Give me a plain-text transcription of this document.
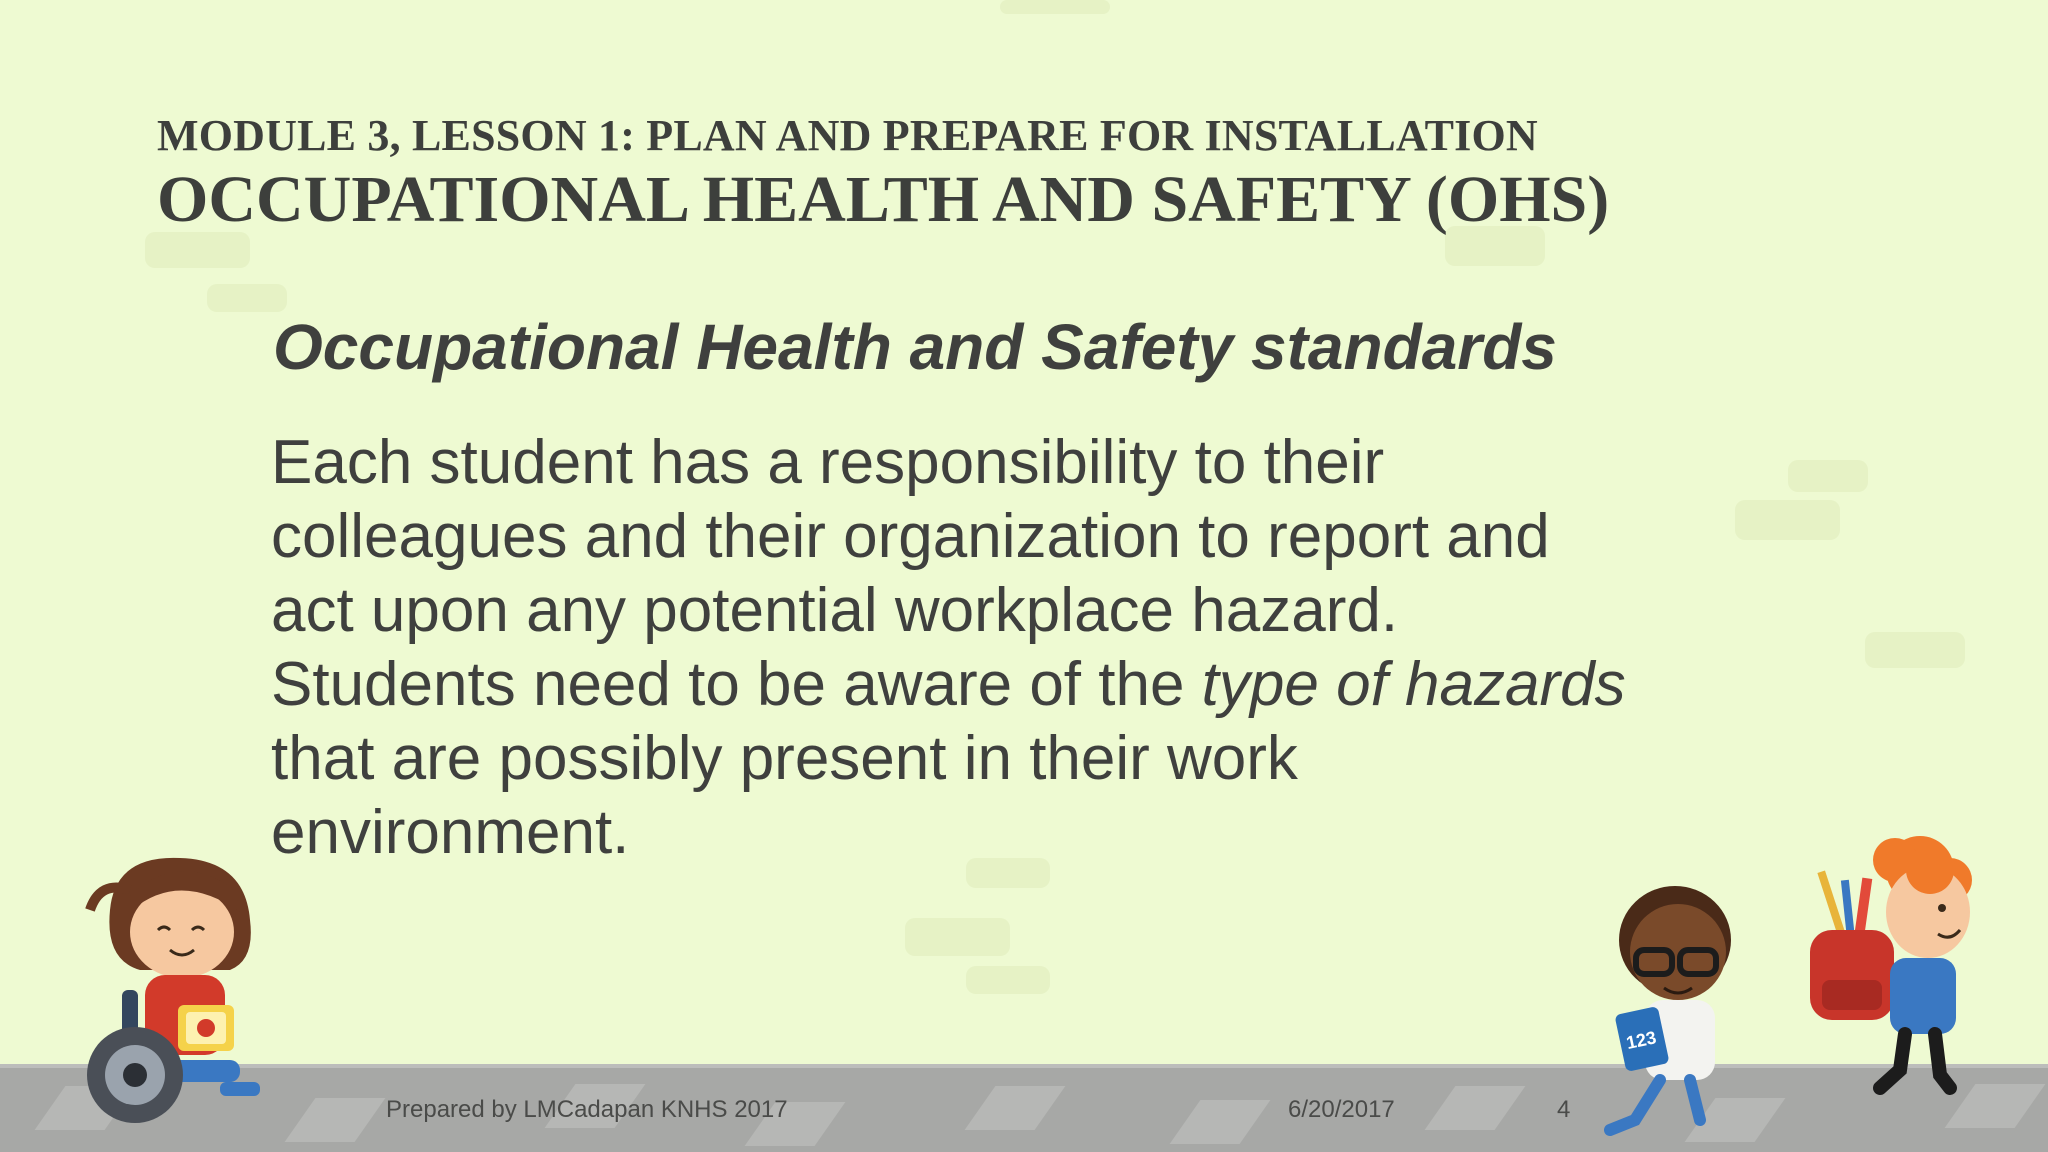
MODULE 3, LESSON 1: PLAN AND PREPARE FOR INSTALLATION
OCCUPATIONAL HEALTH AND SAFETY (OHS)
Occupational Health and Safety standards
Each student has a responsibility to their
colleagues and their organization to report and
act upon any potential workplace hazard.
Students need to be aware of the type of hazards
that are possibly present in their work
environment.
Prepared by LMCadapan KNHS 2017	6/20/2017	4
123
